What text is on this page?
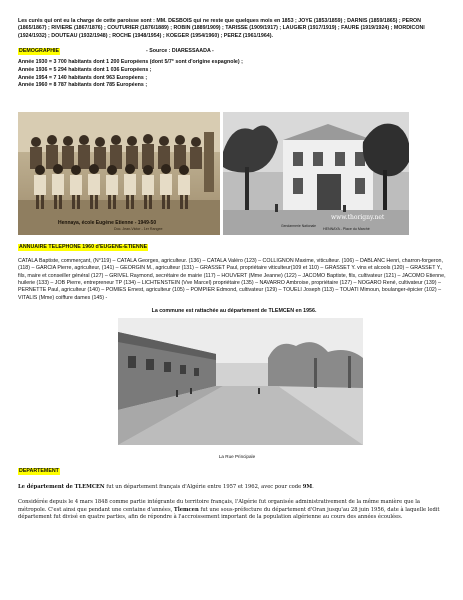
Les curés qui ont eu la charge de cette paroisse sont : MM. DESBOIS qui ne reste que quelques mois en 1853 ; JOYE (1853/1859) ; DARNIS (1859/1865) ; PERON (1865/1867) ; RIVIERE (1867/1876) ; COUTURIER (1876/1889) ; ROBIN (1889/1909) ; TARISSE (1909/1917) ; LAUGIER (1917/1919) ; FAURE (1919/1924) ; MORDICONI (1924/1932) ; DOUTEAU (1932/1948) ; ROCHE (1948/1954) ; KOEGER (1954/1960) ; PEREZ (1961/1964).

DEMOGRAPHIE	- Source : DIARESSAADA -
Année 1930 = 3 700 habitants dont 1 200 Européens (dont 5/7° sont d'origine espagnole) ;
Année 1936 = 5 294 habitants dont 1 036 Européens ;
Année 1954 = 7 140 habitants dont 963 Européens ;
Année 1960 = 8 787 habitants dont 785 Européens ;
Hennaya, école Eugène Etienne - 1949-50
Doc. Jean-Victor - 1er Rangee
www.thorigny.net
Gendarmerie Nationale
HENNAYA - Place du Marché
ANNUAIRE TELEPHONE 1960 d'EUGENE-ETIENNE

CATALA Baptiste, commerçant, (N°119) – CATALA Georges, agriculteur. (136) – CATALA Valéro (123) – COLLIGNON Maxime, viticulteur. (106) – DABLANC Henri, charron-forgeron, (118) – GARCIA Pierre, agriculteur, (141) – GEORGIN M., agriculteur (131) – GRASSET Paul, propriétaire viticulteur(109 et 110) – GRASSET Y. vins et alcools (120) – GRASSET Y., fils, maire et conseiller général (127) – GRIVEL Raymond, secrétaire de mairie (117) – HOUVERT (Mme Jeanne) (122) – JACOMO Baptiste, fils, cultivateur (121) – JACOMO Etienne, huilerie (133) – JOB Pierre, entrepreneur TP (134) – LICHTENSTEIN (Vve Marcel) propriétaire (135) – NAVARRO Ambroise, propriétaire (127) – NOGARO René, cultivateur (139) – PERNETTE Paul, agriculteur (140) – POMIES Ernest, agriculteur (105) – POMPIER Edmond, cultivateur (129) – TOUELI Joseph (113) – TOUATI Mimoun, boulanger-épicier (102) – VITALIS (Mme) coiffure dames (145) -

La commune est rattachée au département de TLEMCEN en 1956.
La Rue Principale
DEPARTEMENT

Le département de TLEMCEN fut un département français d'Algérie entre 1957 et 1962, avec pour code 9M.

Considérée depuis le 4 mars 1848 comme partie intégrante du territoire français, l'Algérie fut organisée administrativement de la même manière que la métropole. C'est ainsi que pendant une centaine d'années, Tlemcen fut une sous-préfecture du département d'Oran jusqu'au 28 juin 1956, date à laquelle ledit département fut divisé en quatre parties, afin de répondre à l'accroissement important de la population algérienne au cours des années écoulées.
